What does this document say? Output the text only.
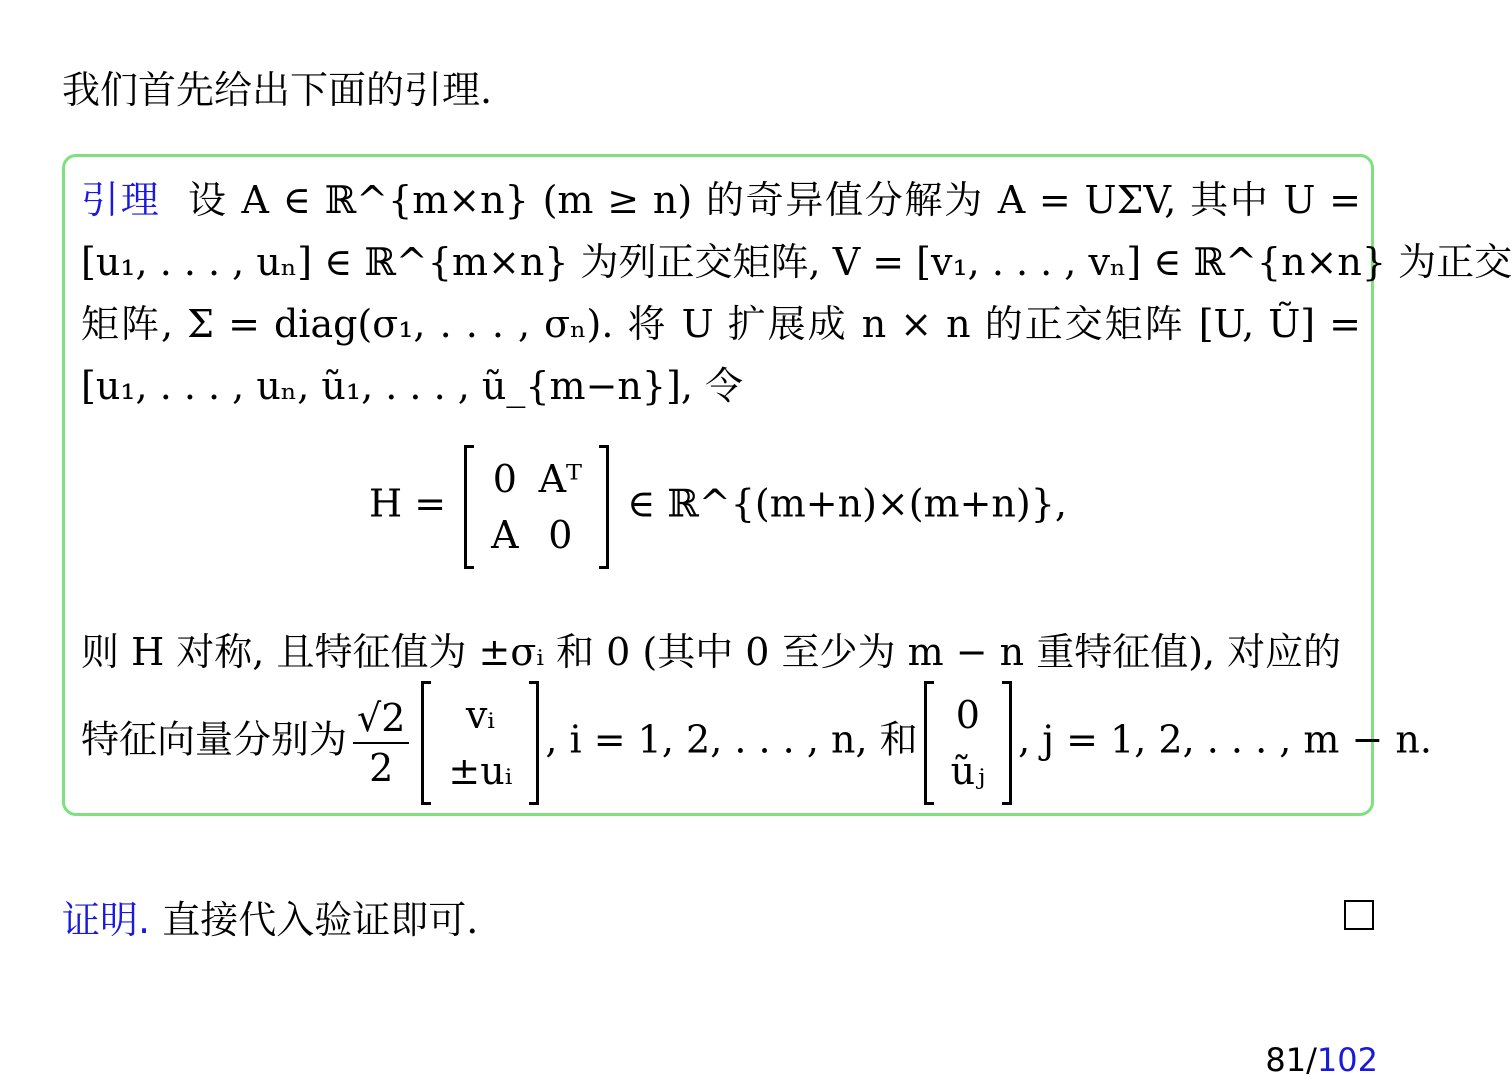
我们首先给出下面的引理.
引理 设 A ∈ ℝ^{m×n} (m ≥ n) 的奇异值分解为 A = UΣV, 其中 U =
[u₁, . . . , uₙ] ∈ ℝ^{m×n} 为列正交矩阵, V = [v₁, . . . , vₙ] ∈ ℝ^{n×n} 为正交
矩阵, Σ = diag(σ₁, . . . , σₙ). 将 U 扩展成 n × n 的正交矩阵 [U, Ũ] =
[u₁, . . . , uₙ, ũ₁, . . . , ũ_{m−n}], 令
H =
0	Aᵀ
A	0
∈ ℝ^{(m+n)×(m+n)},
则 H 对称, 且特征值为 ±σᵢ 和 0 (其中 0 至少为 m − n 重特征值), 对应的
特征向量分别为 $\frac{√2}{2}$ vᵢ
±uᵢ
, i = 1, 2, . . . , n, 和
0
ũⱼ
, j = 1, 2, . . . , m − n.
证明. 直接代入验证即可.
81/102
